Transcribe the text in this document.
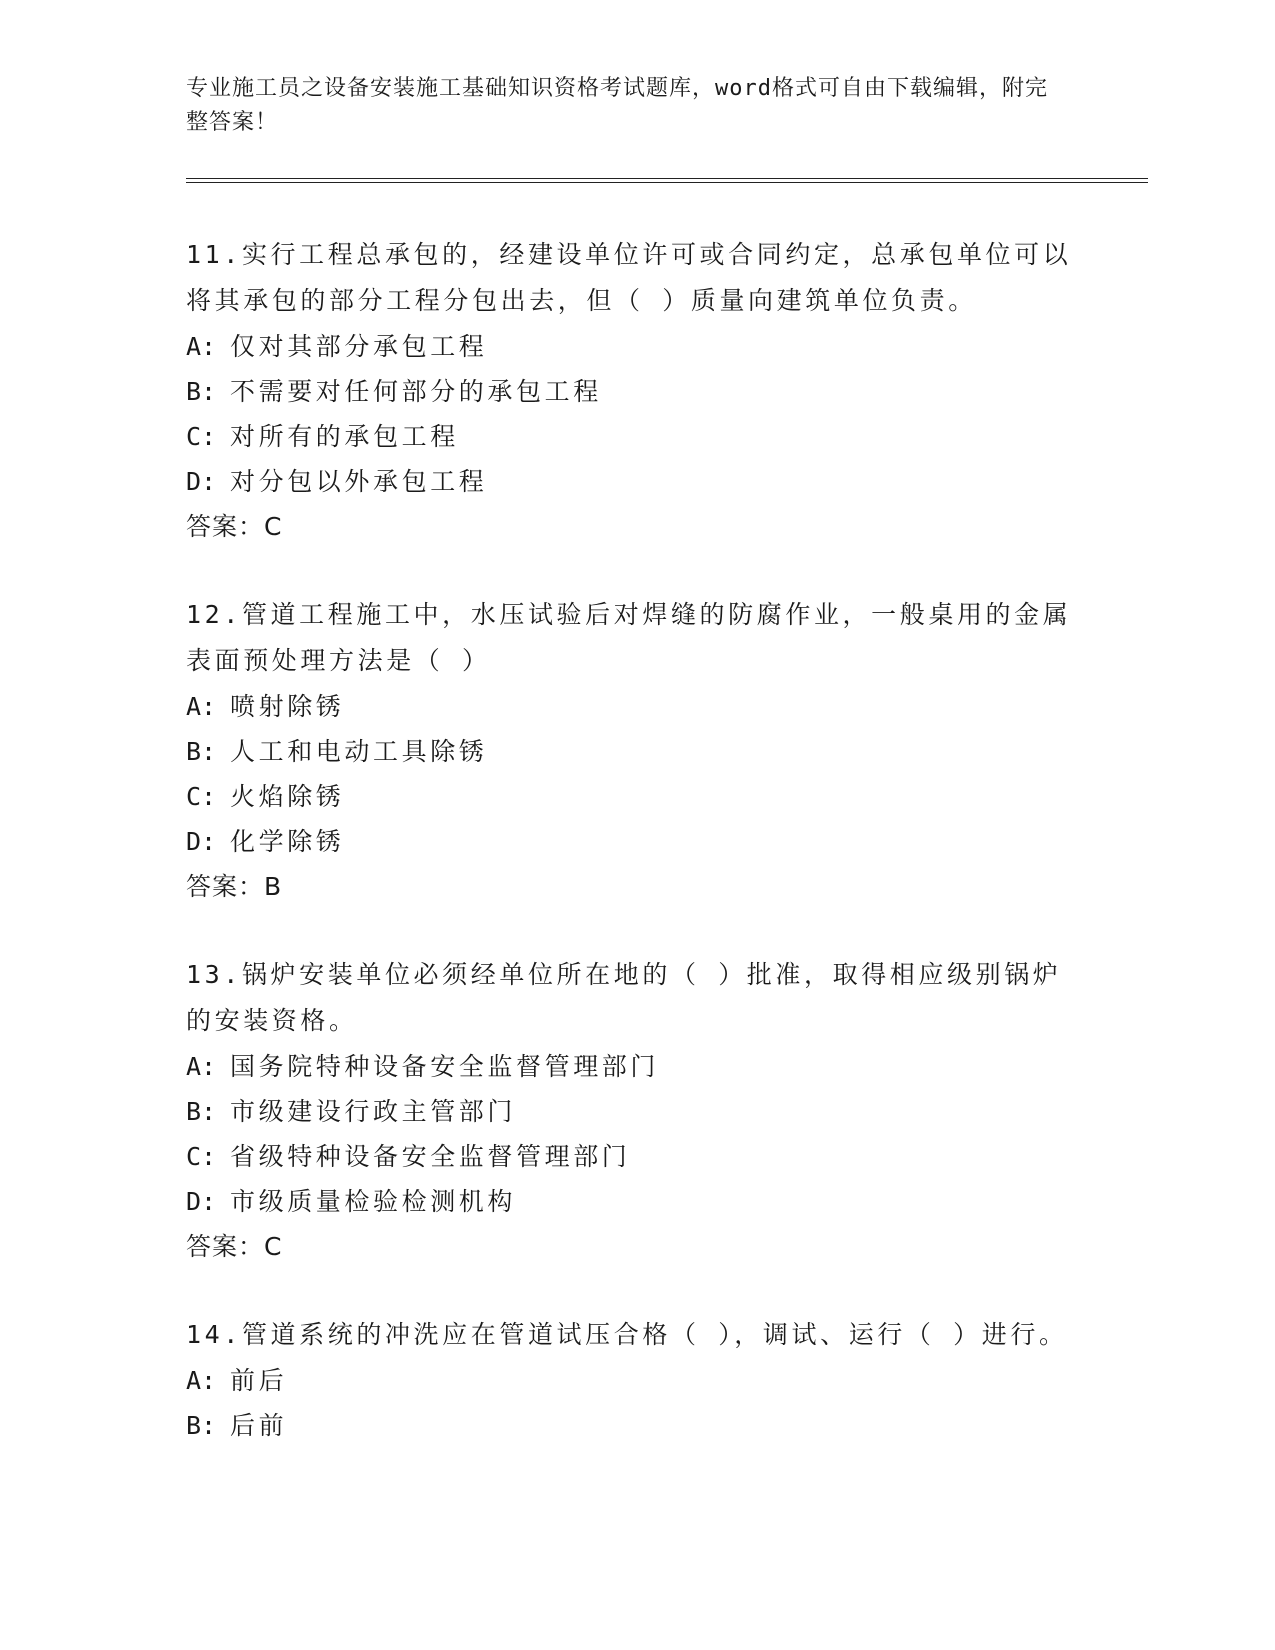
专业施工员之设备安装施工基础知识资格考试题库，word格式可自由下载编辑，附完整答案！

11.实行工程总承包的，经建设单位许可或合同约定，总承包单位可以将其承包的部分工程分包出去，但（ ）质量向建筑单位负责。

A: 仅对其部分承包工程

B: 不需要对任何部分的承包工程

C: 对所有的承包工程

D: 对分包以外承包工程

答案：C

12.管道工程施工中，水压试验后对焊缝的防腐作业，一般桌用的金属表面预处理方法是（ ）

A: 喷射除锈

B: 人工和电动工具除锈

C: 火焰除锈

D: 化学除锈

答案：B

13.锅炉安装单位必须经单位所在地的（ ）批准，取得相应级别锅炉的安装资格。

A: 国务院特种设备安全监督管理部门

B: 市级建设行政主管部门

C: 省级特种设备安全监督管理部门

D: 市级质量检验检测机构

答案：C

14.管道系统的冲洗应在管道试压合格（ ），调试、运行（ ）进行。

A: 前后

B: 后前
